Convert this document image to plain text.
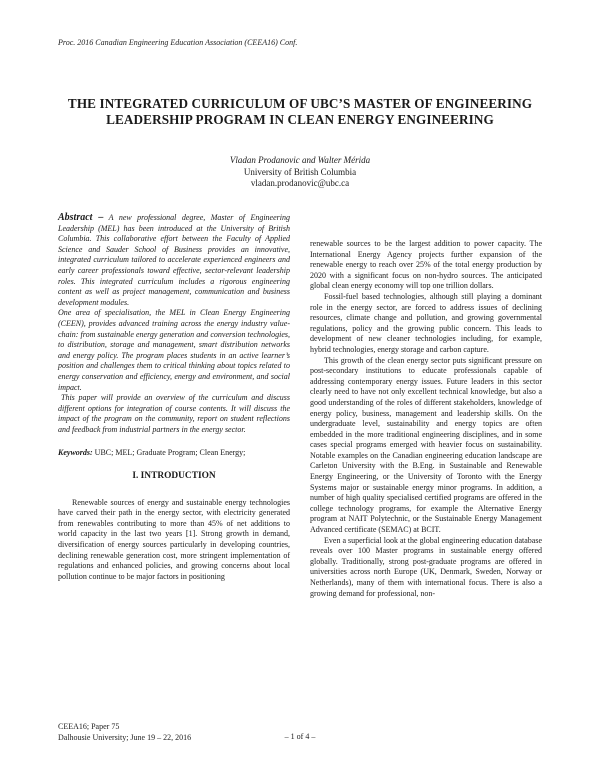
Proc. 2016 Canadian Engineering Education Association (CEEA16) Conf.
THE INTEGRATED CURRICULUM OF UBC’S MASTER OF ENGINEERING
LEADERSHIP PROGRAM IN CLEAN ENERGY ENGINEERING
Vladan Prodanovic and Walter Mérida
University of British Columbia
vladan.prodanovic@ubc.ca

Abstract – A new professional degree, Master of Engineering Leadership (MEL) has been introduced at the University of British Columbia. This collaborative effort between the Faculty of Applied Science and Sauder School of Business provides an innovative, integrated curriculum tailored to accelerate experienced engineers and early career professionals toward effective, sector-relevant leadership roles. This integrated curriculum includes a rigorous engineering content as well as project management, communication and business development modules.

One area of specialisation, the MEL in Clean Energy Engineering (CEEN), provides advanced training across the energy industry value-chain: from sustainable energy generation and conversion technologies, to distribution, storage and management, smart distribution networks and energy policy. The program places students in an active learner’s position and challenges them to critical thinking about topics related to energy conservation and efficiency, energy and environment, and social impact.

This paper will provide an overview of the curriculum and discuss different options for integration of course contents. It will discuss the impact of the program on the community, report on student reflections and feedback from industrial partners in the energy sector.

Keywords: UBC; MEL; Graduate Program; Clean Energy;
I. INTRODUCTION

Renewable sources of energy and sustainable energy technologies have carved their path in the energy sector, with electricity generated from renewables contributing to more than 45% of net additions to world capacity in the last two years [1]. Strong growth in demand, diversification of energy sources particularly in developing countries, declining renewable generation cost, more stringent implementation of regulations and enhanced policies, and growing concerns about local pollution continue to be major factors in positioning

renewable sources to be the largest addition to power capacity. The International Energy Agency projects further expansion of the renewable energy to reach over 25% of the total energy production by 2020 with a significant focus on non-hydro sources. The anticipated global clean energy economy will top one trillion dollars.

Fossil-fuel based technologies, although still playing a dominant role in the energy sector, are forced to address issues of declining resources, climate change and pollution, and growing governmental regulations, policy and the growing public concern. This leads to development of new cleaner technologies including, for example, hybrid technologies, energy storage and carbon capture.

This growth of the clean energy sector puts significant pressure on post-secondary institutions to educate professionals capable of addressing contemporary energy issues. Future leaders in this sector clearly need to have not only excellent technical knowledge, but also a good understanding of the roles of different stakeholders, knowledge of energy policy, business, management and leadership skills. On the undergraduate level, sustainability and energy topics are often embedded in the more traditional engineering disciplines, and in some cases special programs emerged with heavier focus on sustainability. Notable examples on the Canadian engineering education landscape are Carleton University with the B.Eng. in Sustainable and Renewable Energy Engineering, or the University of Toronto with the Energy Systems major or sustainable energy minor programs. In addition, a number of high quality specialised certified programs are offered in the college technology programs, for example the Alternative Energy program at NAIT Polytechnic, or the Sustainable Energy Management Advanced certificate (SEMAC) at BCIT.

Even a superficial look at the global engineering education database reveals over 100 Master programs in sustainable energy offered globally. Traditionally, strong post-graduate programs are offered in universities across north Europe (UK, Denmark, Sweden, Norway or Netherlands), many of them with international focus. There is also a growing demand for professional, non-

CEEA16; Paper 75
Dalhousie University; June 19 – 22, 2016	– 1 of 4 –
